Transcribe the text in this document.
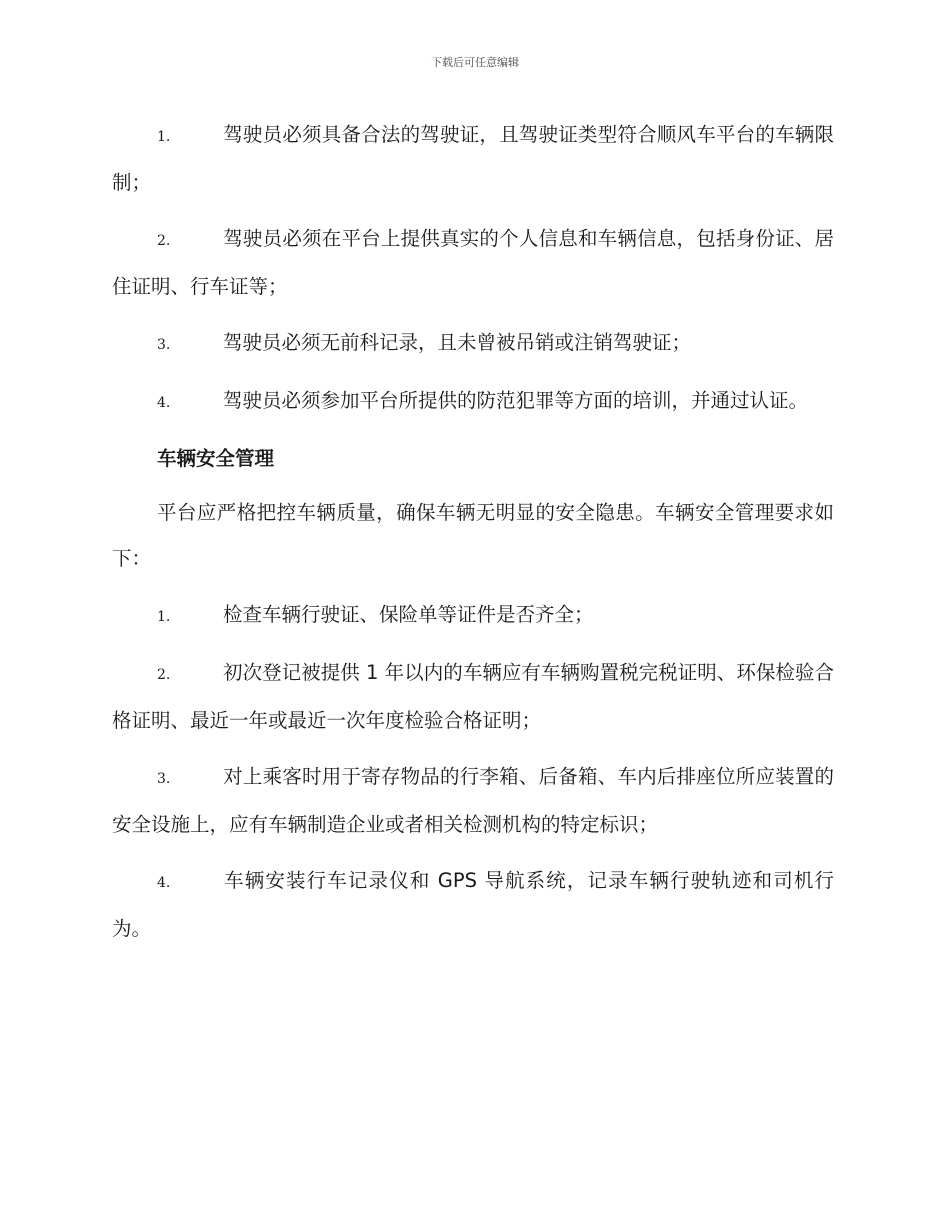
下载后可任意编辑

1.	驾驶员必须具备合法的驾驶证，且驾驶证类型符合顺风车平台的车辆限制；

2.	驾驶员必须在平台上提供真实的个人信息和车辆信息，包括身份证、居住证明、行车证等；

3.	驾驶员必须无前科记录，且未曾被吊销或注销驾驶证；

4.	驾驶员必须参加平台所提供的防范犯罪等方面的培训，并通过认证。

车辆安全管理

平台应严格把控车辆质量，确保车辆无明显的安全隐患。车辆安全管理要求如下：

1.	检查车辆行驶证、保险单等证件是否齐全；

2.	初次登记被提供 1 年以内的车辆应有车辆购置税完税证明、环保检验合格证明、最近一年或最近一次年度检验合格证明；

3.	对上乘客时用于寄存物品的行李箱、后备箱、车内后排座位所应装置的安全设施上，应有车辆制造企业或者相关检测机构的特定标识；

4.	车辆安装行车记录仪和 GPS 导航系统，记录车辆行驶轨迹和司机行为。
